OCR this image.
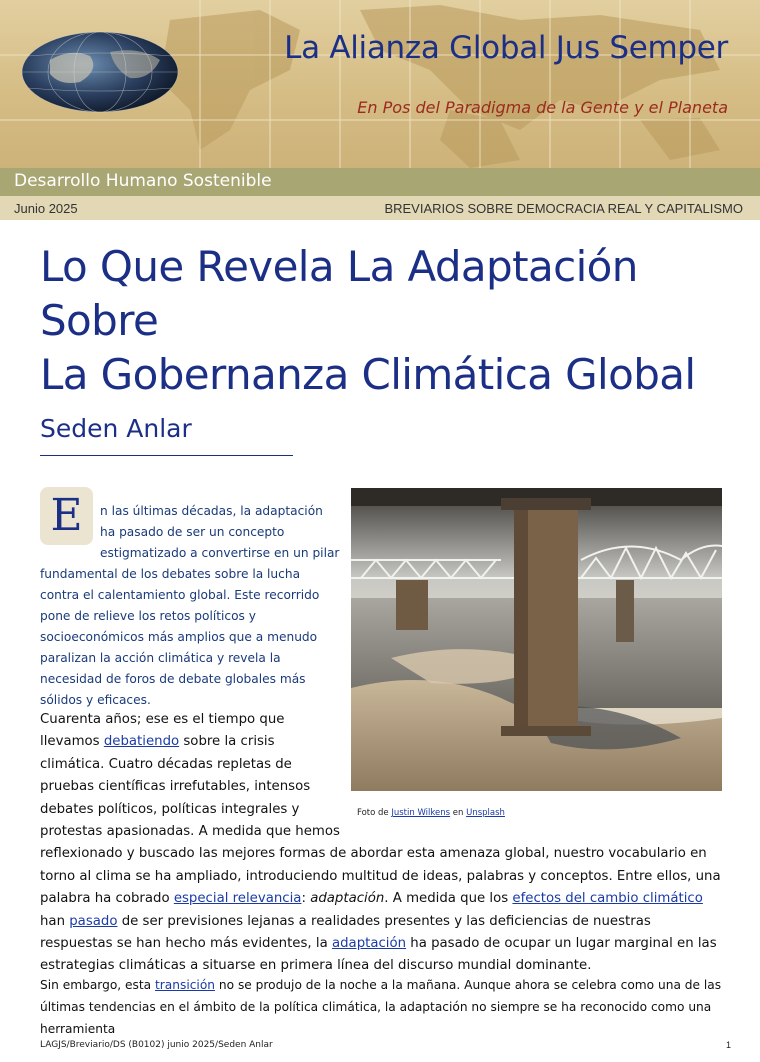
La Alianza Global Jus Semper
En Pos del Paradigma de la Gente y el Planeta
Desarrollo Humano Sostenible
Junio 2025	BREVIARIOS SOBRE DEMOCRACIA REAL Y CAPITALISMO
Lo Que Revela La Adaptación Sobre
La Gobernanza Climática Global
Seden Anlar
E	n las últimas décadas, la adaptación ha pasado de ser un concepto estigmatizado a convertirse en un pilar fundamental de los debates sobre la lucha contra el calentamiento global. Este recorrido pone de relieve los retos políticos y socioeconómicos más amplios que a menudo paralizan la acción climática y revela la necesidad de foros de debate globales más sólidos y eficaces.

Foto de Justin Wilkens en Unsplash

Cuarenta años; ese es el tiempo que llevamos debatiendo sobre la crisis climática. Cuatro décadas repletas de pruebas científicas irrefutables, intensos debates políticos, políticas integrales y protestas apasionadas. A medida que hemos reflexionado y buscado las mejores formas de abordar esta amenaza global, nuestro vocabulario en torno al clima se ha ampliado, introduciendo multitud de ideas, palabras y conceptos. Entre ellos, una palabra ha cobrado especial relevancia: adaptación. A medida que los efectos del cambio climático han pasado de ser previsiones lejanas a realidades presentes y las deficiencias de nuestras respuestas se han hecho más evidentes, la adaptación ha pasado de ocupar un lugar marginal en las estrategias climáticas a situarse en primera línea del discurso mundial dominante.

Sin embargo, esta transición no se produjo de la noche a la mañana. Aunque ahora se celebra como una de las últimas tendencias en el ámbito de la política climática, la adaptación no siempre se ha reconocido como una herramienta

LAGJS/Breviario/DS (B0102) junio 2025/Seden Anlar	1
